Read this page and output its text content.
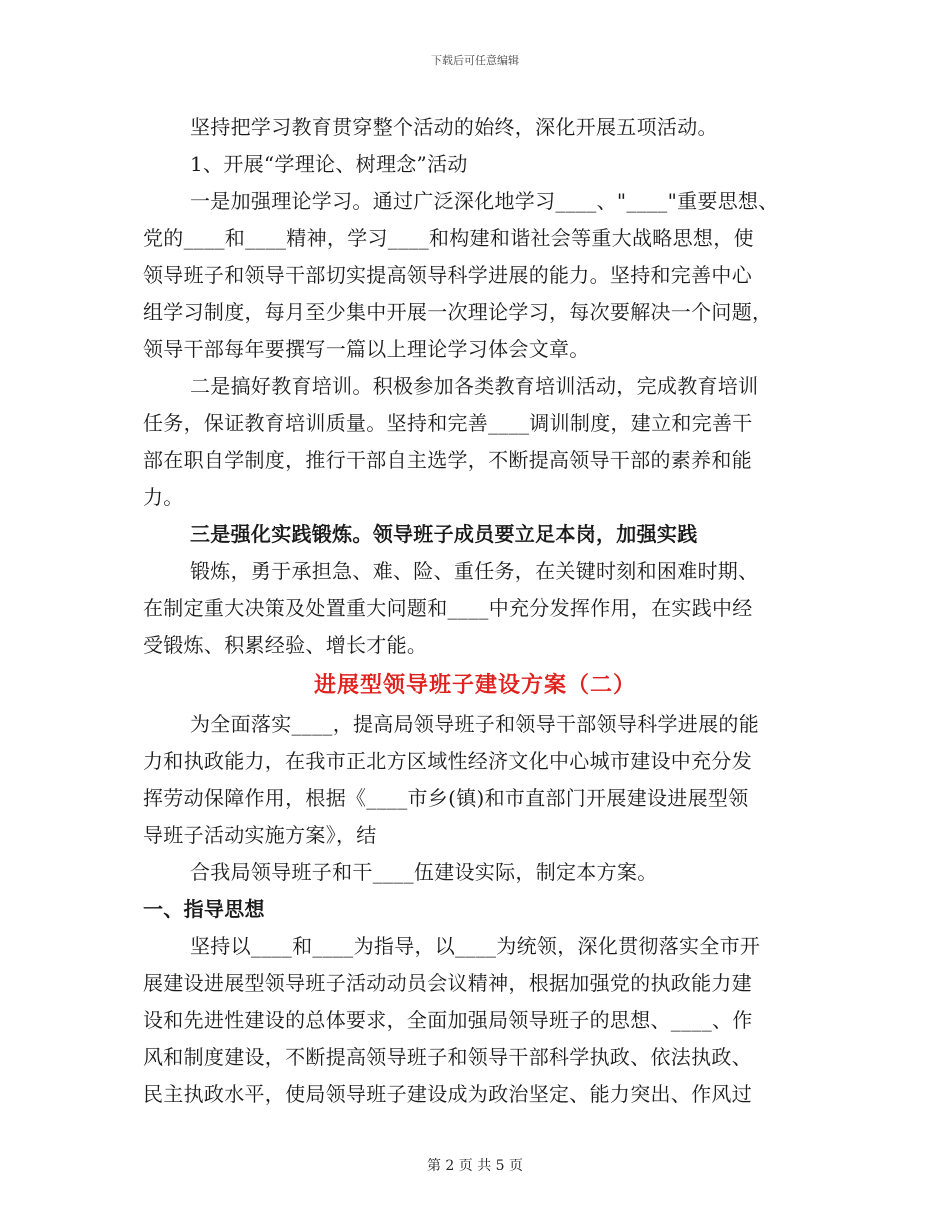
下载后可任意编辑
坚持把学习教育贯穿整个活动的始终，深化开展五项活动。
1、开展“学理论、树理念”活动
一是加强理论学习。通过广泛深化地学习____、"____"重要思想、
党的____和____精神，学习____和构建和谐社会等重大战略思想，使
领导班子和领导干部切实提高领导科学进展的能力。坚持和完善中心
组学习制度，每月至少集中开展一次理论学习，每次要解决一个问题，
领导干部每年要撰写一篇以上理论学习体会文章。
二是搞好教育培训。积极参加各类教育培训活动，完成教育培训
任务，保证教育培训质量。坚持和完善____调训制度，建立和完善干
部在职自学制度，推行干部自主选学，不断提高领导干部的素养和能
力。
三是强化实践锻炼。领导班子成员要立足本岗，加强实践
锻炼，勇于承担急、难、险、重任务，在关键时刻和困难时期、
在制定重大决策及处置重大问题和____中充分发挥作用，在实践中经
受锻炼、积累经验、增长才能。
进展型领导班子建设方案（二）
为全面落实____，提高局领导班子和领导干部领导科学进展的能
力和执政能力，在我市正北方区域性经济文化中心城市建设中充分发
挥劳动保障作用，根据《____市乡(镇)和市直部门开展建设进展型领
导班子活动实施方案》，结
合我局领导班子和干____伍建设实际，制定本方案。
一、指导思想
坚持以____和____为指导，以____为统领，深化贯彻落实全市开
展建设进展型领导班子活动动员会议精神，根据加强党的执政能力建
设和先进性建设的总体要求，全面加强局领导班子的思想、____、作
风和制度建设，不断提高领导班子和领导干部科学执政、依法执政、
民主执政水平，使局领导班子建设成为政治坚定、能力突出、作风过
第 2 页 共 5 页
